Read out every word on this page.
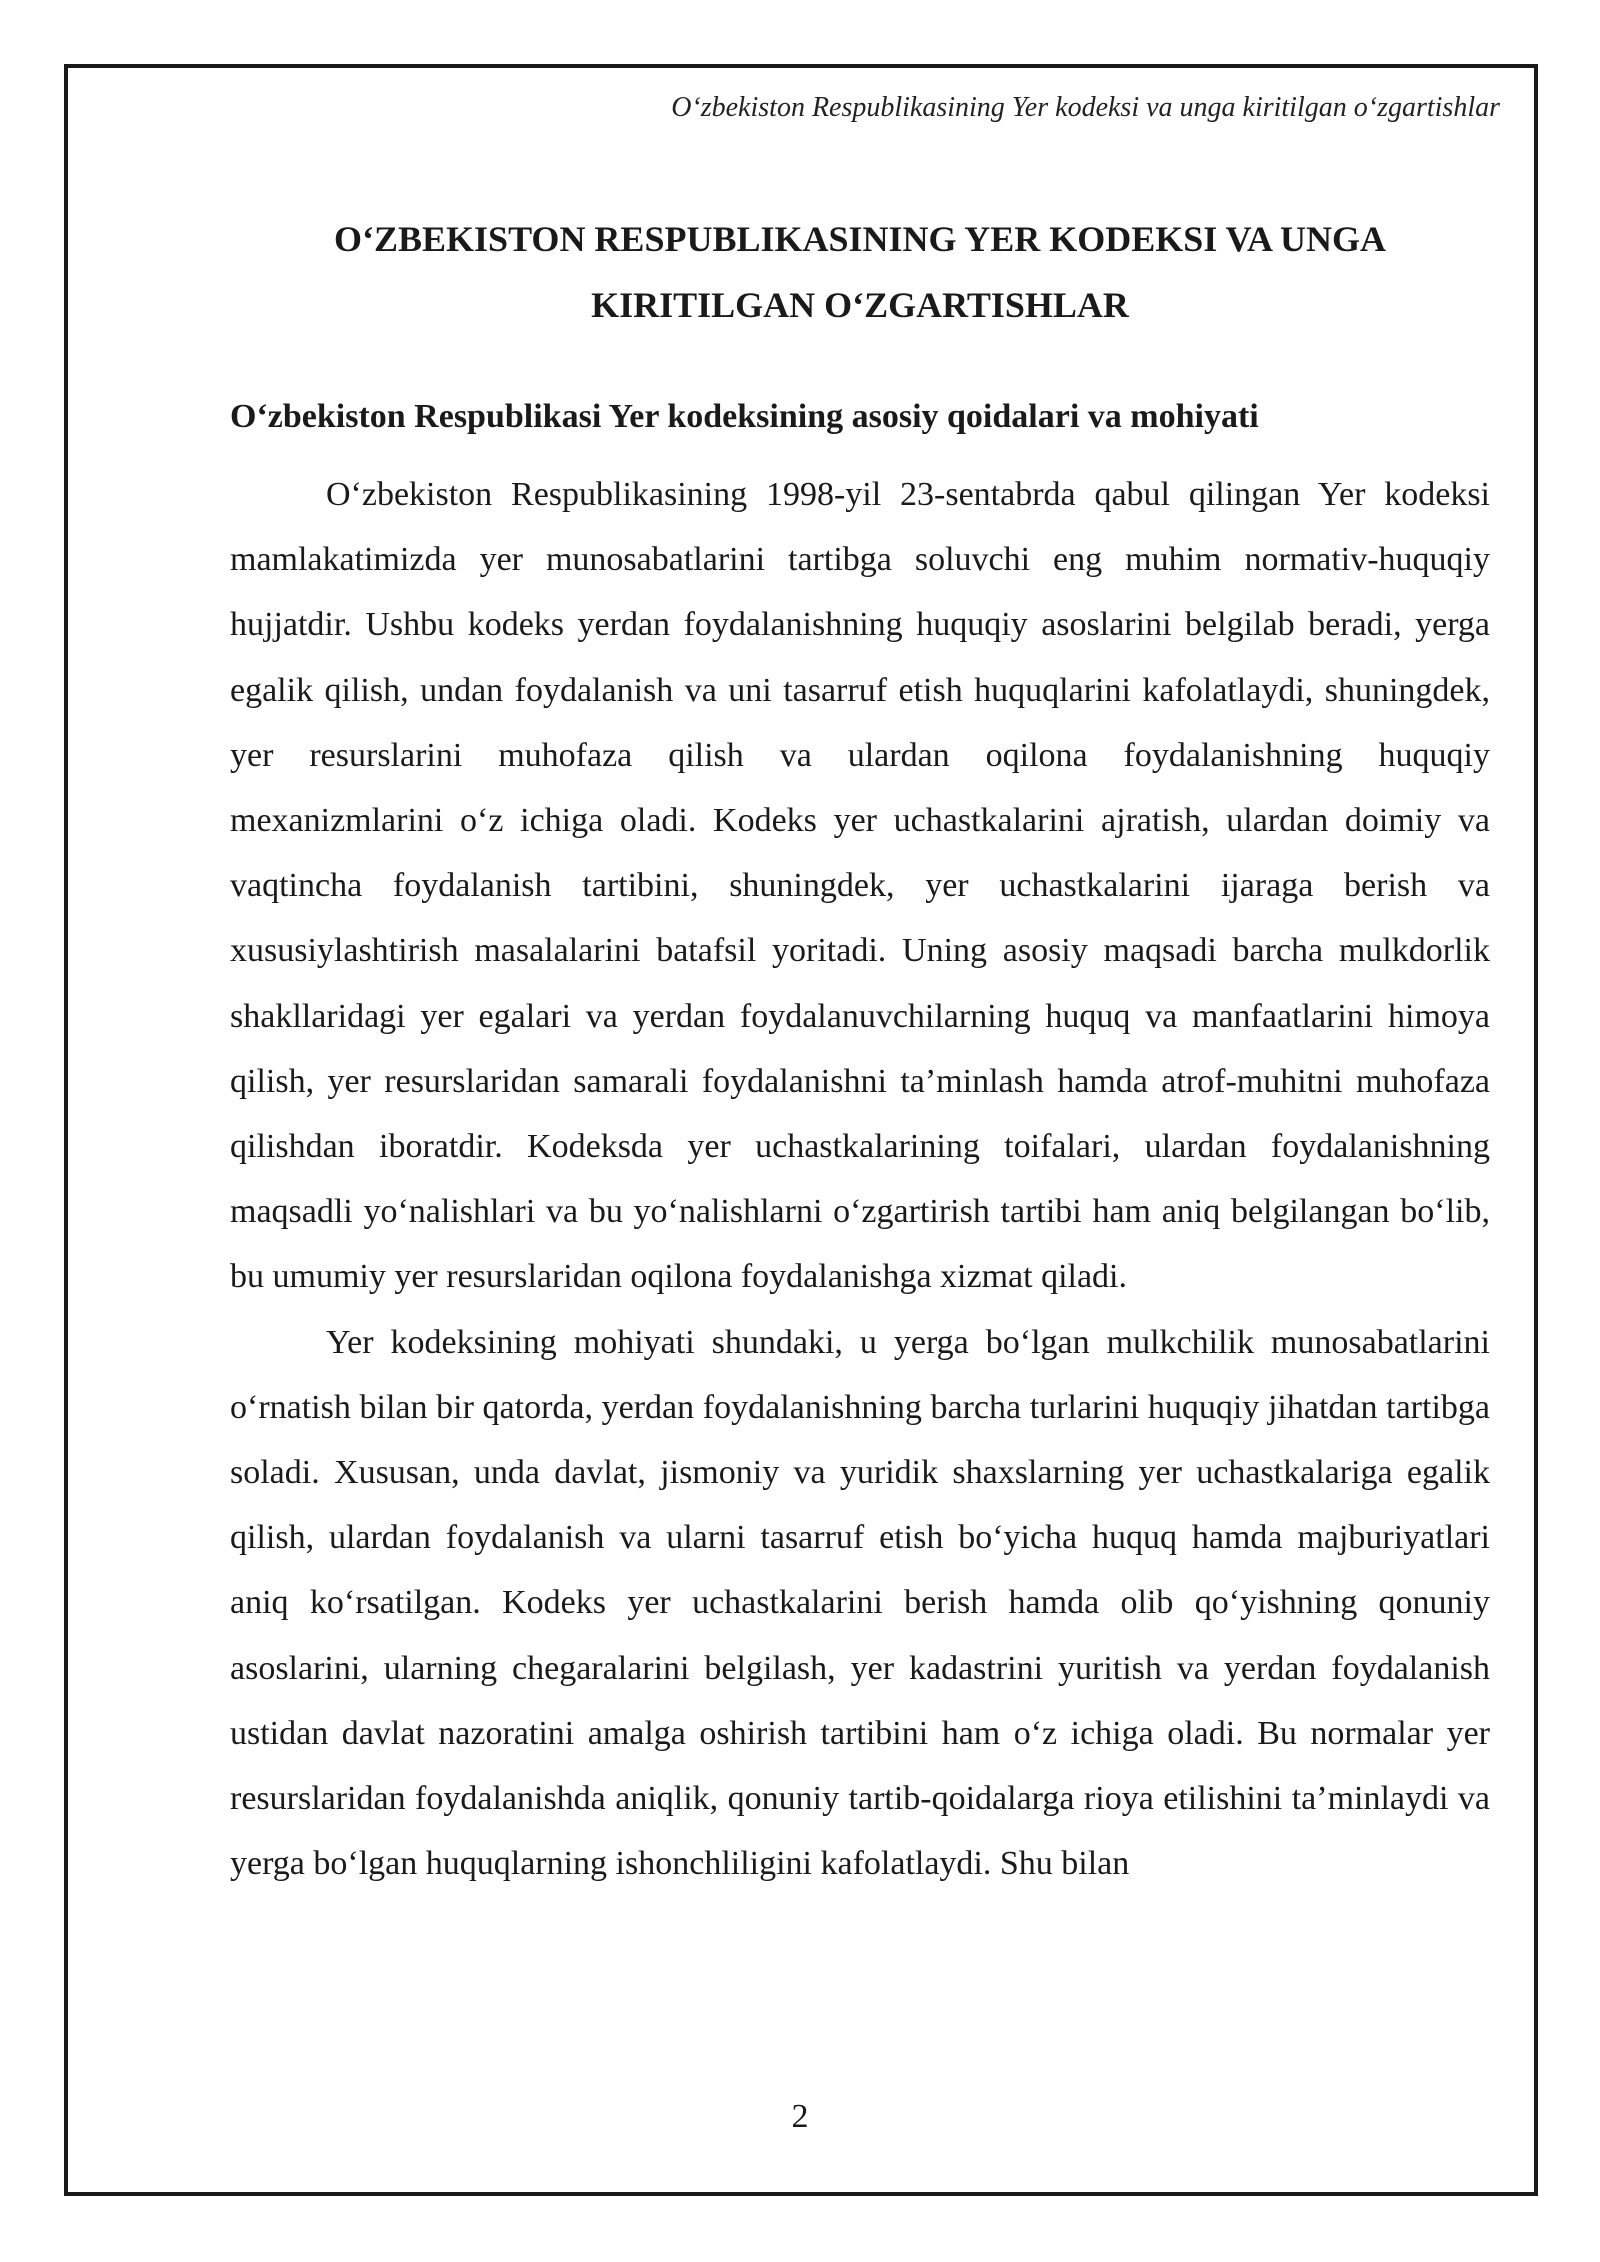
O‘zbekiston Respublikasining Yer kodeksi va unga kiritilgan o‘zgartishlar
O‘ZBEKISTON RESPUBLIKASINING YER KODEKSI VA UNGA
KIRITILGAN O‘ZGARTISHLAR
O‘zbekiston Respublikasi Yer kodeksining asosiy qoidalari va mohiyati

O‘zbekiston Respublikasining 1998-yil 23-sentabrda qabul qilingan Yer kodeksi mamlakatimizda yer munosabatlarini tartibga soluvchi eng muhim normativ-huquqiy hujjatdir. Ushbu kodeks yerdan foydalanishning huquqiy asoslarini belgilab beradi, yerga egalik qilish, undan foydalanish va uni tasarruf etish huquqlarini kafolatlaydi, shuningdek, yer resurslarini muhofaza qilish va ulardan oqilona foydalanishning huquqiy mexanizmlarini o‘z ichiga oladi. Kodeks yer uchastkalarini ajratish, ulardan doimiy va vaqtincha foydalanish tartibini, shuningdek, yer uchastkalarini ijaraga berish va xususiylashtirish masalalarini batafsil yoritadi. Uning asosiy maqsadi barcha mulkdorlik shakllaridagi yer egalari va yerdan foydalanuvchilarning huquq va manfaatlarini himoya qilish, yer resurslaridan samarali foydalanishni ta’minlash hamda atrof-muhitni muhofaza qilishdan iboratdir. Kodeksda yer uchastkalarining toifalari, ulardan foydalanishning maqsadli yo‘nalishlari va bu yo‘nalishlarni o‘zgartirish tartibi ham aniq belgilangan bo‘lib, bu umumiy yer resurslaridan oqilona foydalanishga xizmat qiladi.

Yer kodeksining mohiyati shundaki, u yerga bo‘lgan mulkchilik munosabatlarini o‘rnatish bilan bir qatorda, yerdan foydalanishning barcha turlarini huquqiy jihatdan tartibga soladi. Xususan, unda davlat, jismoniy va yuridik shaxslarning yer uchastkalariga egalik qilish, ulardan foydalanish va ularni tasarruf etish bo‘yicha huquq hamda majburiyatlari aniq ko‘rsatilgan. Kodeks yer uchastkalarini berish hamda olib qo‘yishning qonuniy asoslarini, ularning chegaralarini belgilash, yer kadastrini yuritish va yerdan foydalanish ustidan davlat nazoratini amalga oshirish tartibini ham o‘z ichiga oladi. Bu normalar yer resurslaridan foydalanishda aniqlik, qonuniy tartib-qoidalarga rioya etilishini ta’minlaydi va yerga bo‘lgan huquqlarning ishonchliligini kafolatlaydi. Shu bilan

2
